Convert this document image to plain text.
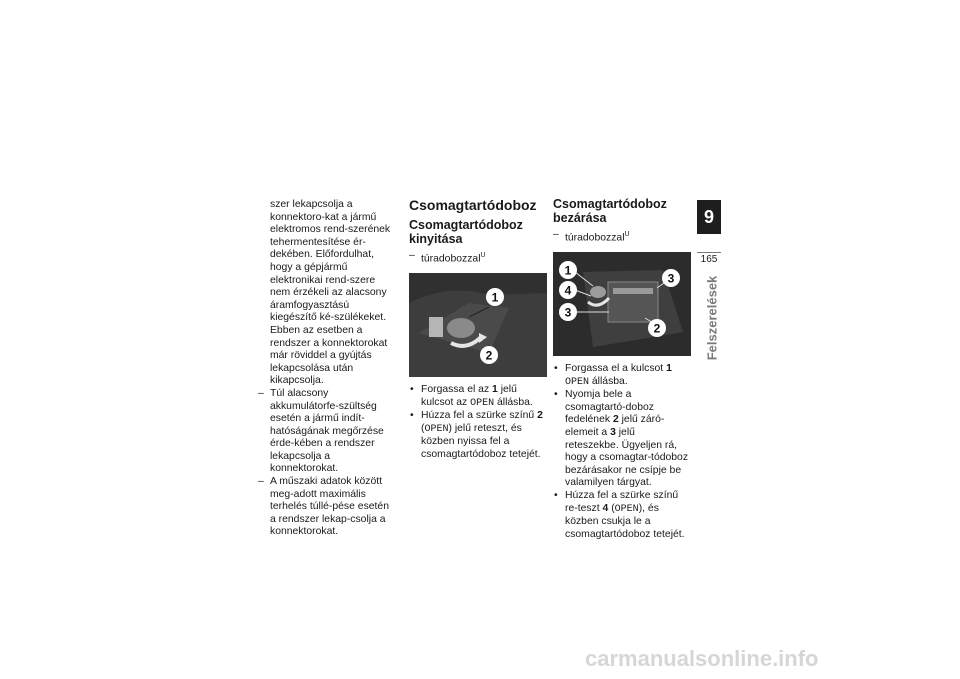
szer lekapcsolja a konnektoro-kat a jármű elektromos rend-szerének tehermentesítése ér-dekében. Előfordulhat, hogy a gépjármű elektronikai rend-szere nem érzékeli az alacsony áramfogyasztású kiegészítő ké-szülékeket. Ebben az esetben a rendszer a konnektorokat már röviddel a gyújtás lekapcsolása után kikapcsolja.

– Túl alacsony akkumulátorfe-szültség esetén a jármű indít-hatóságának megőrzése érde-kében a rendszer lekapcsolja a konnektorokat.

– A műszaki adatok között meg-adott maximális terhelés túllé-pése esetén a rendszer lekap-csolja a konnektorokat.

Csomagtartódoboz
Csomagtartódoboz kinyitása

– túradobozzal$^U$

1
2

• Forgassa el az 1 jelű kulcsot az OPEN állásba.

• Húzza fel a szürke színű 2 (OPEN) jelű reteszt, és közben nyissa fel a csomagtartódoboz tetejét.

Csomagtartódoboz bezárása

– túradobozzal$^U$

1
3
4
3
2

• Forgassa el a kulcsot 1 OPEN állásba.

• Nyomja bele a csomagtartó-doboz fedelének 2 jelű záró-elemeit a 3 jelű reteszekbe. Ügyeljen rá, hogy a csomagtar-tódoboz bezárásakor ne csípje be valamilyen tárgyat.

• Húzza fel a szürke színű re-teszt 4 (OPEN), és közben csukja le a csomagtartódoboz tetejét.

9
165
Felszerelések
carmanualsonline.info
